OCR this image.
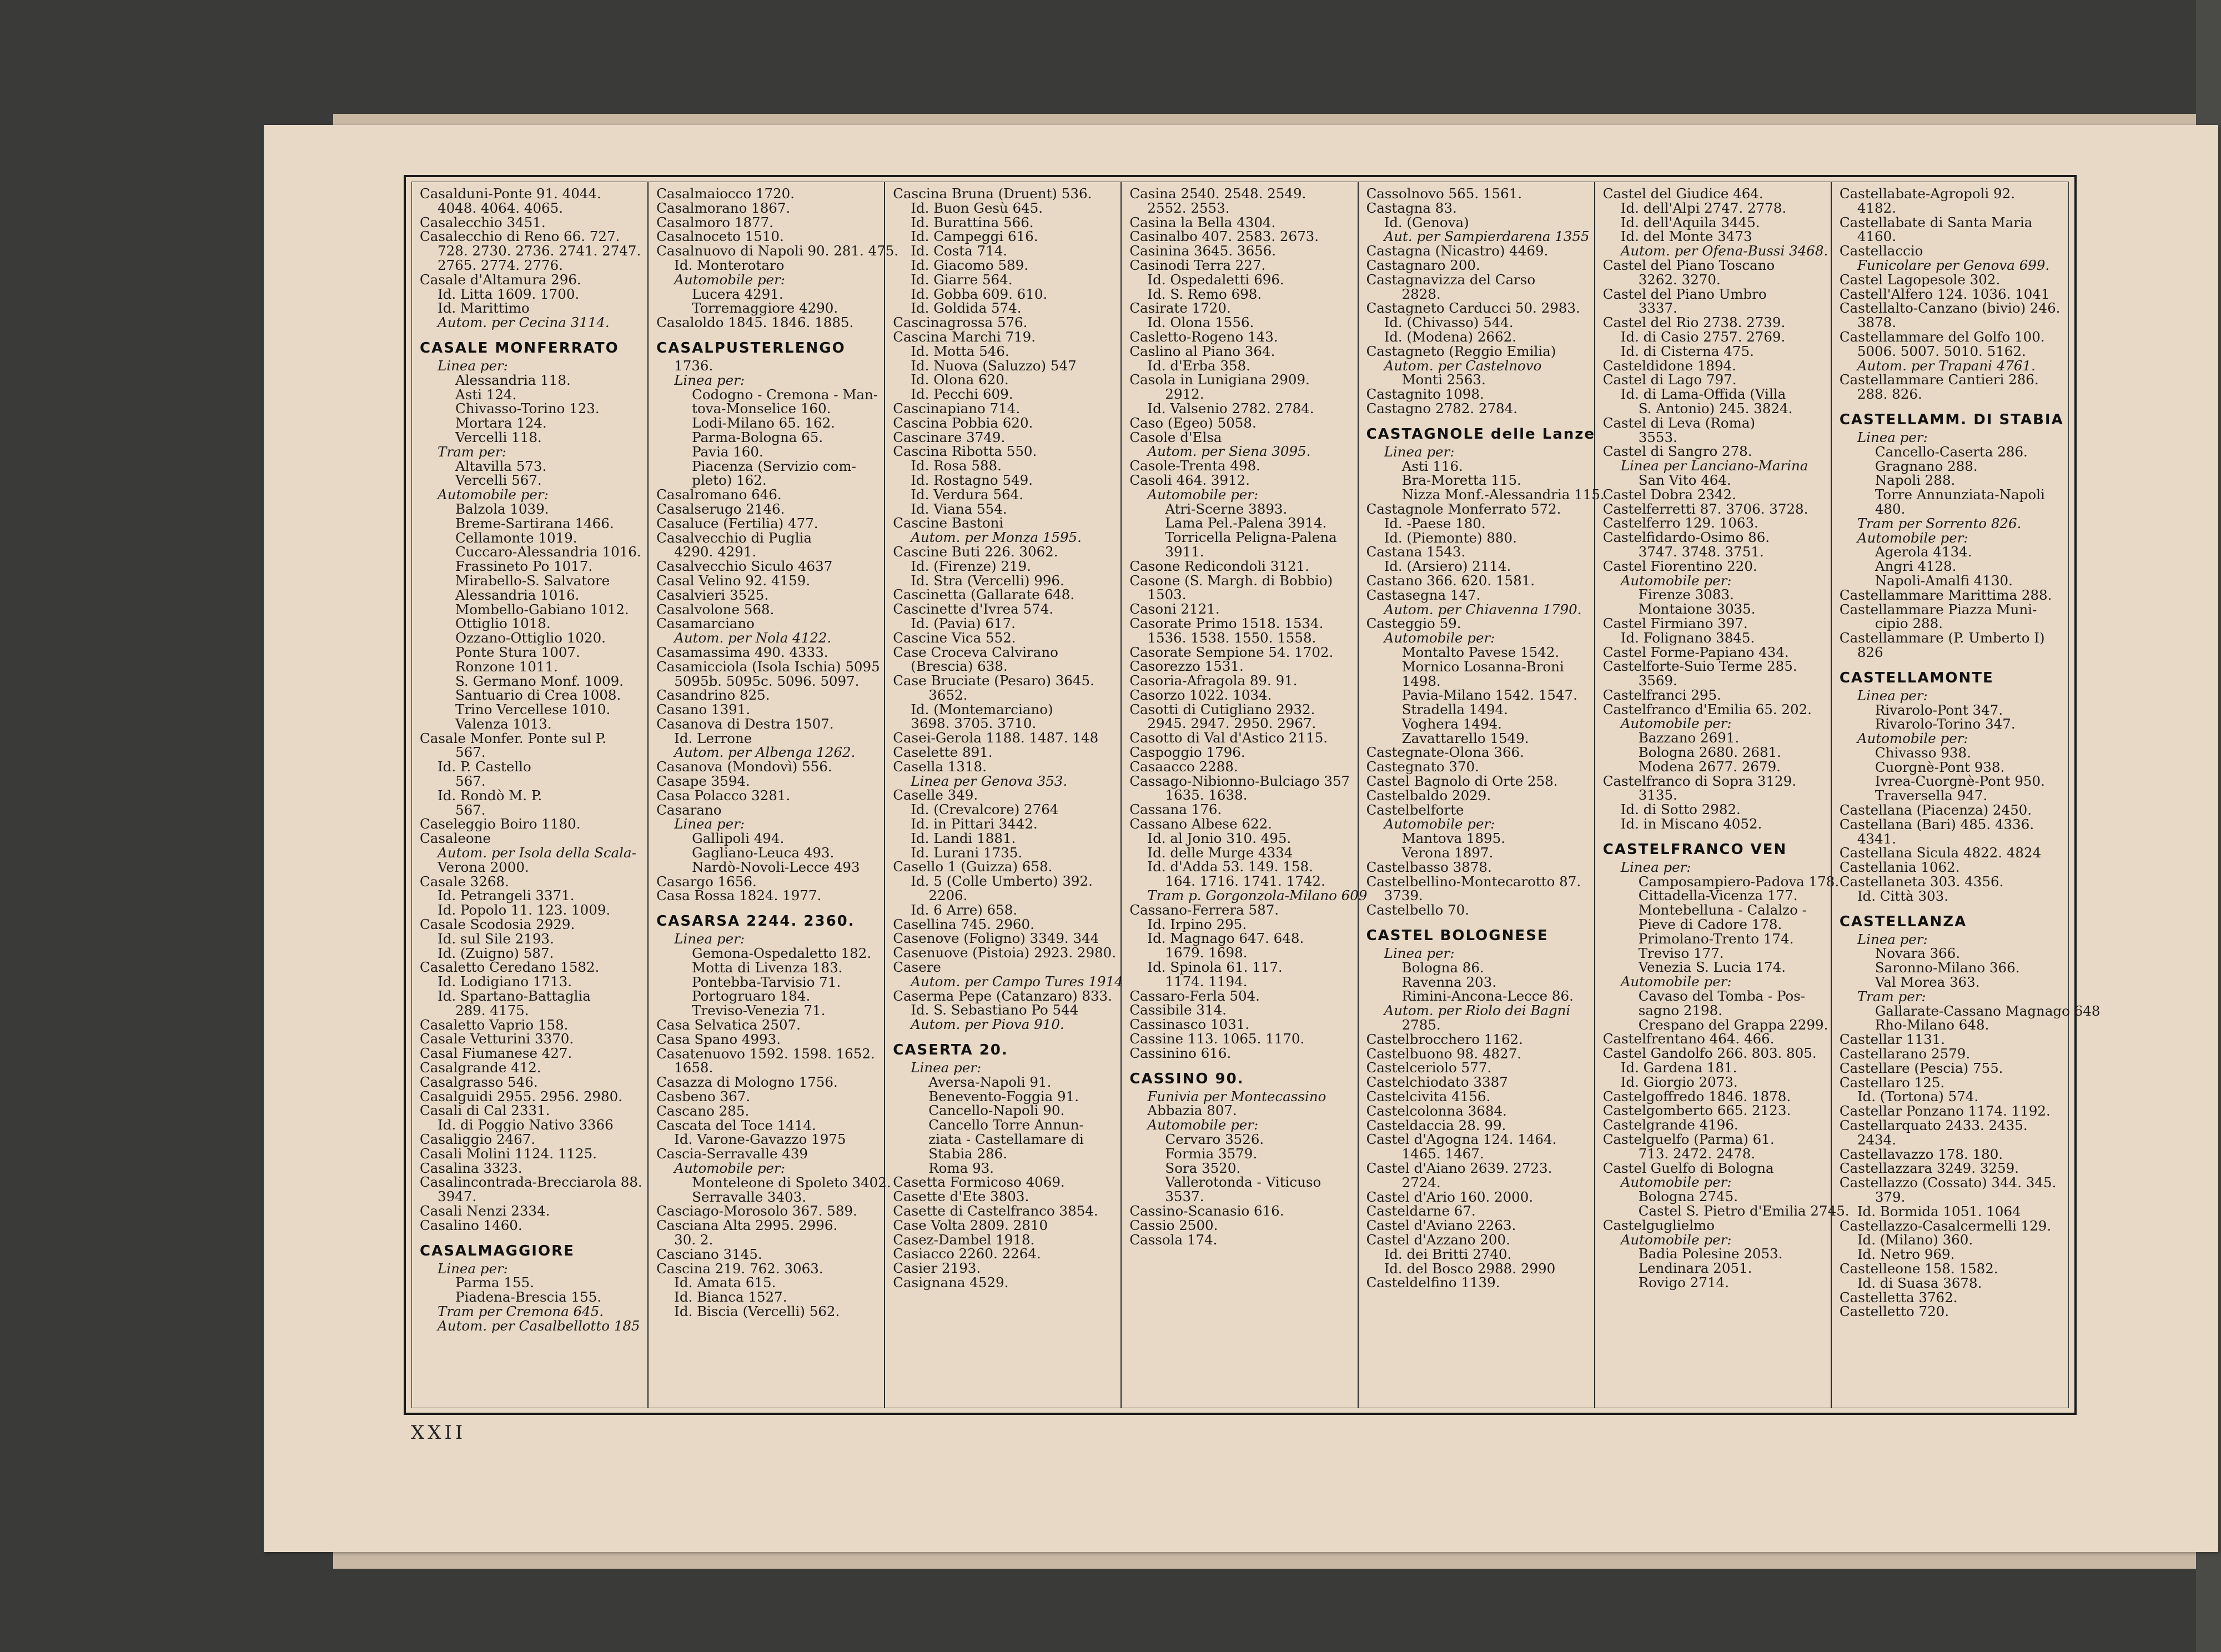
Casalduni-Ponte 91. 4044.
4048. 4064. 4065.
Casalecchio 3451.
Casalecchio di Reno 66. 727.
728. 2730. 2736. 2741. 2747.
2765. 2774. 2776.
Casale d'Altamura 296.
Id. Litta 1609. 1700.
Id. Marittimo
Autom. per Cecina 3114.
CASALE MONFERRATO
Linea per:
Alessandria 118.
Asti 124.
Chivasso-Torino 123.
Mortara 124.
Vercelli 118.
Tram per:
Altavilla 573.
Vercelli 567.
Automobile per:
Balzola 1039.
Breme-Sartirana 1466.
Cellamonte 1019.
Cuccaro-Alessandria 1016.
Frassineto Po 1017.
Mirabello-S. Salvatore
Alessandria 1016.
Mombello-Gabiano 1012.
Ottiglio 1018.
Ozzano-Ottiglio 1020.
Ponte Stura 1007.
Ronzone 1011.
S. Germano Monf. 1009.
Santuario di Crea 1008.
Trino Vercellese 1010.
Valenza 1013.
Casale Monfer. Ponte sul P.
567.
Id. P. Castello
567.
Id. Rondò M. P.
567.
Caseleggio Boiro 1180.
Casaleone
Autom. per Isola della Scala-
Verona 2000.
Casale 3268.
Id. Petrangeli 3371.
Id. Popolo 11. 123. 1009.
Casale Scodosia 2929.
Id. sul Sile 2193.
Id. (Zuigno) 587.
Casaletto Ceredano 1582.
Id. Lodigiano 1713.
Id. Spartano-Battaglia
289. 4175.
Casaletto Vaprio 158.
Casale Vetturini 3370.
Casal Fiumanese 427.
Casalgrande 412.
Casalgrasso 546.
Casalguidi 2955. 2956. 2980.
Casali di Cal 2331.
Id. di Poggio Nativo 3366
Casaliggio 2467.
Casali Molini 1124. 1125.
Casalina 3323.
Casalincontrada-Brecciarola 88.
3947.
Casali Nenzi 2334.
Casalino 1460.
CASALMAGGIORE
Linea per:
Parma 155.
Piadena-Brescia 155.
Tram per Cremona 645.
Autom. per Casalbellotto 185
Casalmaiocco 1720.
Casalmorano 1867.
Casalmoro 1877.
Casalnoceto 1510.
Casalnuovo di Napoli 90. 281. 475.
Id. Monterotaro
Automobile per:
Lucera 4291.
Torremaggiore 4290.
Casaloldo 1845. 1846. 1885.
CASALPUSTERLENGO
1736.
Linea per:
Codogno - Cremona - Man-
tova-Monselice 160.
Lodi-Milano 65. 162.
Parma-Bologna 65.
Pavia 160.
Piacenza (Servizio com-
pleto) 162.
Casalromano 646.
Casalserugo 2146.
Casaluce (Fertilia) 477.
Casalvecchio di Puglia
4290. 4291.
Casalvecchio Siculo 4637
Casal Velino 92. 4159.
Casalvieri 3525.
Casalvolone 568.
Casamarciano
Autom. per Nola 4122.
Casamassima 490. 4333.
Casamicciola (Isola Ischia) 5095
5095b. 5095c. 5096. 5097.
Casandrino 825.
Casano 1391.
Casanova di Destra 1507.
Id. Lerrone
Autom. per Albenga 1262.
Casanova (Mondovì) 556.
Casape 3594.
Casa Polacco 3281.
Casarano
Linea per:
Gallipoli 494.
Gagliano-Leuca 493.
Nardò-Novoli-Lecce 493
Casargo 1656.
Casa Rossa 1824. 1977.
CASARSA 2244. 2360.
Linea per:
Gemona-Ospedaletto 182.
Motta di Livenza 183.
Pontebba-Tarvisio 71.
Portogruaro 184.
Treviso-Venezia 71.
Casa Selvatica 2507.
Casa Spano 4993.
Casatenuovo 1592. 1598. 1652.
1658.
Casazza di Mologno 1756.
Casbeno 367.
Cascano 285.
Cascata del Toce 1414.
Id. Varone-Gavazzo 1975
Cascia-Serravalle 439
Automobile per:
Monteleone di Spoleto 3402.
Serravalle 3403.
Casciago-Morosolo 367. 589.
Casciana Alta 2995. 2996.
30. 2.
Casciano 3145.
Cascina 219. 762. 3063.
Id. Amata 615.
Id. Bianca 1527.
Id. Biscia (Vercelli) 562.
Cascina Bruna (Druent) 536.
Id. Buon Gesù 645.
Id. Burattina 566.
Id. Campeggi 616.
Id. Costa 714.
Id. Giacomo 589.
Id. Giarre 564.
Id. Gobba 609. 610.
Id. Goldida 574.
Cascinagrossa 576.
Cascina Marchi 719.
Id. Motta 546.
Id. Nuova (Saluzzo) 547
Id. Olona 620.
Id. Pecchi 609.
Cascinapiano 714.
Cascina Pobbia 620.
Cascinare 3749.
Cascina Ribotta 550.
Id. Rosa 588.
Id. Rostagno 549.
Id. Verdura 564.
Id. Viana 554.
Cascine Bastoni
Autom. per Monza 1595.
Cascine Buti 226. 3062.
Id. (Firenze) 219.
Id. Stra (Vercelli) 996.
Cascinetta (Gallarate 648.
Cascinette d'Ivrea 574.
Id. (Pavia) 617.
Cascine Vica 552.
Case Croceva Calvirano
(Brescia) 638.
Case Bruciate (Pesaro) 3645.
3652.
Id. (Montemarciano)
3698. 3705. 3710.
Casei-Gerola 1188. 1487. 148
Caselette 891.
Casella 1318.
Linea per Genova 353.
Caselle 349.
Id. (Crevalcore) 2764
Id. in Pittari 3442.
Id. Landi 1881.
Id. Lurani 1735.
Casello 1 (Guizza) 658.
Id. 5 (Colle Umberto) 392.
2206.
Id. 6 Arre) 658.
Casellina 745. 2960.
Casenove (Foligno) 3349. 344
Casenuove (Pistoia) 2923. 2980.
Casere
Autom. per Campo Tures 1914
Caserma Pepe (Catanzaro) 833.
Id. S. Sebastiano Po 544
Autom. per Piova 910.
CASERTA 20.
Linea per:
Aversa-Napoli 91.
Benevento-Foggia 91.
Cancello-Napoli 90.
Cancello Torre Annun-
ziata - Castellamare di
Stabia 286.
Roma 93.
Casetta Formicoso 4069.
Casette d'Ete 3803.
Casette di Castelfranco 3854.
Case Volta 2809. 2810
Casez-Dambel 1918.
Casiacco 2260. 2264.
Casier 2193.
Casignana 4529.
Casina 2540. 2548. 2549.
2552. 2553.
Casina la Bella 4304.
Casinalbo 407. 2583. 2673.
Casinina 3645. 3656.
Casinodi Terra 227.
Id. Ospedaletti 696.
Id. S. Remo 698.
Casirate 1720.
Id. Olona 1556.
Casletto-Rogeno 143.
Caslino al Piano 364.
Id. d'Erba 358.
Casola in Lunigiana 2909.
2912.
Id. Valsenio 2782. 2784.
Caso (Egeo) 5058.
Casole d'Elsa
Autom. per Siena 3095.
Casole-Trenta 498.
Casoli 464. 3912.
Automobile per:
Atri-Scerne 3893.
Lama Pel.-Palena 3914.
Torricella Peligna-Palena
3911.
Casone Redicondoli 3121.
Casone (S. Margh. di Bobbio)
1503.
Casoni 2121.
Casorate Primo 1518. 1534.
1536. 1538. 1550. 1558.
Casorate Sempione 54. 1702.
Casorezzo 1531.
Casoria-Afragola 89. 91.
Casorzo 1022. 1034.
Casotti di Cutigliano 2932.
2945. 2947. 2950. 2967.
Casotto di Val d'Astico 2115.
Caspoggio 1796.
Casaacco 2288.
Cassago-Nibionno-Bulciago 357
1635. 1638.
Cassana 176.
Cassano Albese 622.
Id. al Jonio 310. 495.
Id. delle Murge 4334
Id. d'Adda 53. 149. 158.
164. 1716. 1741. 1742.
Tram p. Gorgonzola-Milano 609
Cassano-Ferrera 587.
Id. Irpino 295.
Id. Magnago 647. 648.
1679. 1698.
Id. Spinola 61. 117.
1174. 1194.
Cassaro-Ferla 504.
Cassibile 314.
Cassinasco 1031.
Cassine 113. 1065. 1170.
Cassinino 616.
CASSINO 90.
Funivia per Montecassino
Abbazia 807.
Automobile per:
Cervaro 3526.
Formia 3579.
Sora 3520.
Vallerotonda - Viticuso
3537.
Cassino-Scanasio 616.
Cassio 2500.
Cassola 174.
Cassolnovo 565. 1561.
Castagna 83.
Id. (Genova)
Aut. per Sampierdarena 1355
Castagna (Nicastro) 4469.
Castagnaro 200.
Castagnavizza del Carso
2828.
Castagneto Carducci 50. 2983.
Id. (Chivasso) 544.
Id. (Modena) 2662.
Castagneto (Reggio Emilia)
Autom. per Castelnovo
Monti 2563.
Castagnito 1098.
Castagno 2782. 2784.
CASTAGNOLE delle Lanze
Linea per:
Asti 116.
Bra-Moretta 115.
Nizza Monf.-Alessandria 115.
Castagnole Monferrato 572.
Id. -Paese 180.
Id. (Piemonte) 880.
Castana 1543.
Id. (Arsiero) 2114.
Castano 366. 620. 1581.
Castasegna 147.
Autom. per Chiavenna 1790.
Casteggio 59.
Automobile per:
Montalto Pavese 1542.
Mornico Losanna-Broni
1498.
Pavia-Milano 1542. 1547.
Stradella 1494.
Voghera 1494.
Zavattarello 1549.
Castegnate-Olona 366.
Castegnato 370.
Castel Bagnolo di Orte 258.
Castelbaldo 2029.
Castelbelforte
Automobile per:
Mantova 1895.
Verona 1897.
Castelbasso 3878.
Castelbellino-Montecarotto 87.
3739.
Castelbello 70.
CASTEL BOLOGNESE
Linea per:
Bologna 86.
Ravenna 203.
Rimini-Ancona-Lecce 86.
Autom. per Riolo dei Bagni
2785.
Castelbrocchero 1162.
Castelbuono 98. 4827.
Castelceriolo 577.
Castelchiodato 3387
Castelcivita 4156.
Castelcolonna 3684.
Casteldaccia 28. 99.
Castel d'Agogna 124. 1464.
1465. 1467.
Castel d'Aiano 2639. 2723.
2724.
Castel d'Ario 160. 2000.
Casteldarne 67.
Castel d'Aviano 2263.
Castel d'Azzano 200.
Id. dei Britti 2740.
Id. del Bosco 2988. 2990
Casteldelfino 1139.
Castel del Giudice 464.
Id. dell'Alpi 2747. 2778.
Id. dell'Aquila 3445.
Id. del Monte 3473
Autom. per Ofena-Bussi 3468.
Castel del Piano Toscano
3262. 3270.
Castel del Piano Umbro
3337.
Castel del Rio 2738. 2739.
Id. di Casio 2757. 2769.
Id. di Cisterna 475.
Casteldidone 1894.
Castel di Lago 797.
Id. di Lama-Offida (Villa
S. Antonio) 245. 3824.
Castel di Leva (Roma)
3553.
Castel di Sangro 278.
Linea per Lanciano-Marina
San Vito 464.
Castel Dobra 2342.
Castelferretti 87. 3706. 3728.
Castelferro 129. 1063.
Castelfidardo-Osimo 86.
3747. 3748. 3751.
Castel Fiorentino 220.
Automobile per:
Firenze 3083.
Montaione 3035.
Castel Firmiano 397.
Id. Folignano 3845.
Castel Forme-Papiano 434.
Castelforte-Suio Terme 285.
3569.
Castelfranci 295.
Castelfranco d'Emilia 65. 202.
Automobile per:
Bazzano 2691.
Bologna 2680. 2681.
Modena 2677. 2679.
Castelfranco di Sopra 3129.
3135.
Id. di Sotto 2982.
Id. in Miscano 4052.
CASTELFRANCO VEN
Linea per:
Camposampiero-Padova 178.
Cittadella-Vicenza 177.
Montebelluna - Calalzo -
Pieve di Cadore 178.
Primolano-Trento 174.
Treviso 177.
Venezia S. Lucia 174.
Automobile per:
Cavaso del Tomba - Pos-
sagno 2198.
Crespano del Grappa 2299.
Castelfrentano 464. 466.
Castel Gandolfo 266. 803. 805.
Id. Gardena 181.
Id. Giorgio 2073.
Castelgoffredo 1846. 1878.
Castelgomberto 665. 2123.
Castelgrande 4196.
Castelguelfo (Parma) 61.
713. 2472. 2478.
Castel Guelfo di Bologna
Automobile per:
Bologna 2745.
Castel S. Pietro d'Emilia 2745.
Castelguglielmo
Automobile per:
Badia Polesine 2053.
Lendinara 2051.
Rovigo 2714.
Castellabate-Agropoli 92.
4182.
Castellabate di Santa Maria
4160.
Castellaccio
Funicolare per Genova 699.
Castel Lagopesole 302.
Castell'Alfero 124. 1036. 1041
Castellalto-Canzano (bivio) 246.
3878.
Castellammare del Golfo 100.
5006. 5007. 5010. 5162.
Autom. per Trapani 4761.
Castellammare Cantieri 286.
288. 826.
CASTELLAMM. DI STABIA
Linea per:
Cancello-Caserta 286.
Gragnano 288.
Napoli 288.
Torre Annunziata-Napoli
480.
Tram per Sorrento 826.
Automobile per:
Agerola 4134.
Angri 4128.
Napoli-Amalfi 4130.
Castellammare Marittima 288.
Castellammare Piazza Muni-
cipio 288.
Castellammare (P. Umberto I)
826
CASTELLAMONTE
Linea per:
Rivarolo-Pont 347.
Rivarolo-Torino 347.
Automobile per:
Chivasso 938.
Cuorgnè-Pont 938.
Ivrea-Cuorgnè-Pont 950.
Traversella 947.
Castellana (Piacenza) 2450.
Castellana (Bari) 485. 4336.
4341.
Castellana Sicula 4822. 4824
Castellania 1062.
Castellaneta 303. 4356.
Id. Città 303.
CASTELLANZA
Linea per:
Novara 366.
Saronno-Milano 366.
Val Morea 363.
Tram per:
Gallarate-Cassano Magnago 648
Rho-Milano 648.
Castellar 1131.
Castellarano 2579.
Castellare (Pescia) 755.
Castellaro 125.
Id. (Tortona) 574.
Castellar Ponzano 1174. 1192.
Castellarquato 2433. 2435.
2434.
Castellavazzo 178. 180.
Castellazzara 3249. 3259.
Castellazzo (Cossato) 344. 345.
379.
Id. Bormida 1051. 1064
Castellazzo-Casalcermelli 129.
Id. (Milano) 360.
Id. Netro 969.
Castelleone 158. 1582.
Id. di Suasa 3678.
Castelletta 3762.
Castelletto 720.
XXII
